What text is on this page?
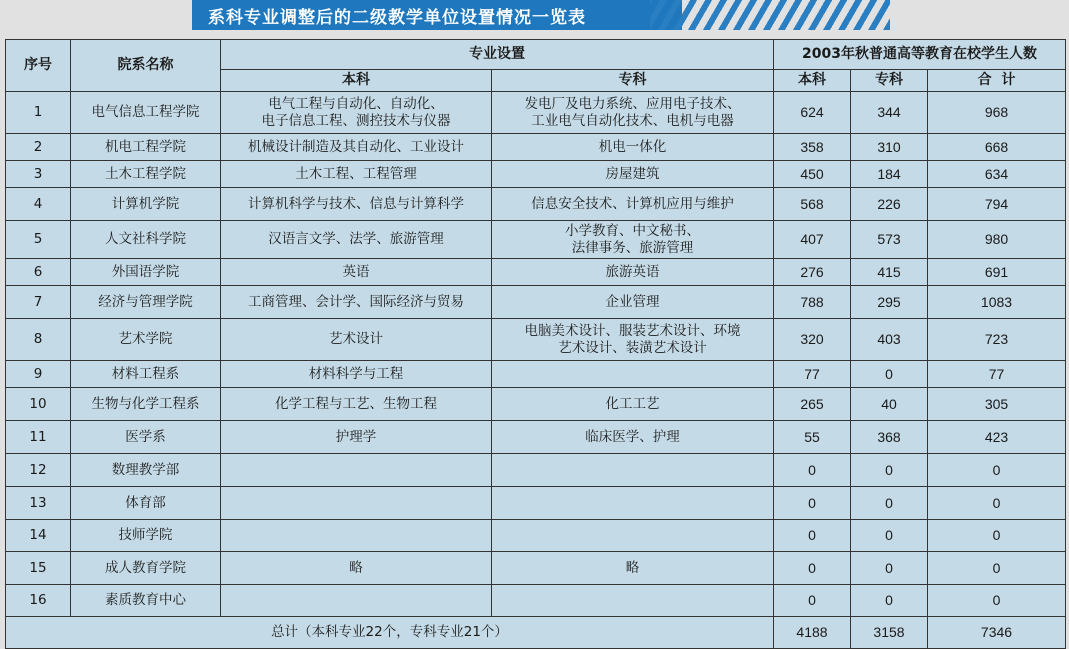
系科专业调整后的二级教学单位设置情况一览表
序号	院系名称	专业设置		2003年秋普通高等教育在校学生人数		
		本科	专科	本科	专科	合  计
1	电气信息工程学院	电气工程与自动化、自动化、
电子信息工程、测控技术与仪器	发电厂及电力系统、应用电子技术、
工业电气自动化技术、电机与电器	624	344	968
2	机电工程学院	机械设计制造及其自动化、工业设计	机电一体化	358	310	668
3	土木工程学院	土木工程、工程管理	房屋建筑	450	184	634
4	计算机学院	计算机科学与技术、信息与计算科学	信息安全技术、计算机应用与维护	568	226	794
5	人文社科学院	汉语言文学、法学、旅游管理	小学教育、中文秘书、
法律事务、旅游管理	407	573	980
6	外国语学院	英语	旅游英语	276	415	691
7	经济与管理学院	工商管理、会计学、国际经济与贸易	企业管理	788	295	1083
8	艺术学院	艺术设计	电脑美术设计、服装艺术设计、环境
艺术设计、装潢艺术设计	320	403	723
9	材料工程系	材料科学与工程		77	0	77
10	生物与化学工程系	化学工程与工艺、生物工程	化工工艺	265	40	305
11	医学系	护理学	临床医学、护理	55	368	423
12	数理教学部			0	0	0
13	体育部			0	0	0
14	技师学院			0	0	0
15	成人教育学院	略	略	0	0	0
16	素质教育中心			0	0	0
总计（本科专业22个，专科专业21个）				4188	3158	7346
